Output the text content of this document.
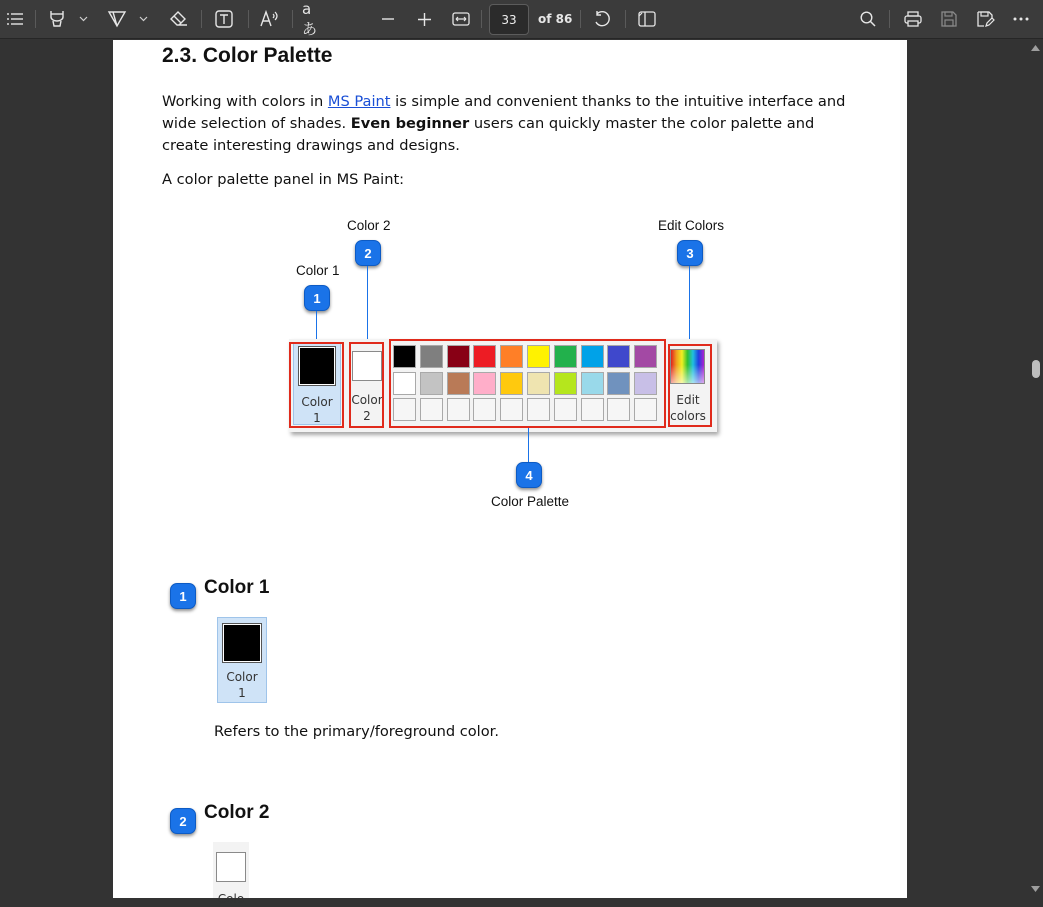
aあ	33	of 86
2.3. Color Palette
Working with colors in MS Paint is simple and convenient thanks to the intuitive interface and wide selection of shades. Even beginner users can quickly master the color palette and create interesting drawings and designs.
A color palette panel in MS Paint:
Color 2
2
Color 1
1
Edit Colors
3
Color
1
Color
2
Edit
colors
4
Color Palette
1 Color 1
Color
1
Refers to the primary/foreground color.
2 Color 2
Colo
